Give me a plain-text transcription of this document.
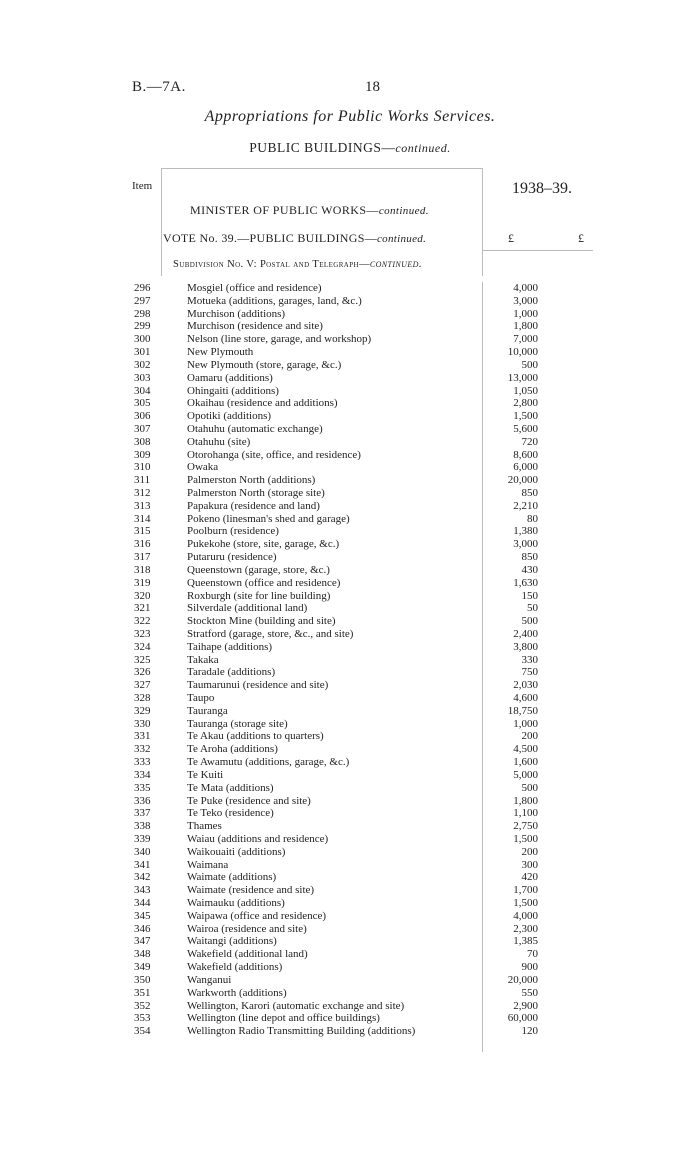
B.—7A.	18
Appropriations for Public Works Services.
PUBLIC BUILDINGS—continued.
Item	1938–39.
MINISTER OF PUBLIC WORKS—continued.
VOTE No. 39.—PUBLIC BUILDINGS—continued.	£	£
Subdivision No. V: Postal and Telegraph—continued.
296	Mosgiel (office and residence)	4,000
297	Motueka (additions, garages, land, &c.)	3,000
298	Murchison (additions)	1,000
299	Murchison (residence and site)	1,800
300	Nelson (line store, garage, and workshop)	7,000
301	New Plymouth	10,000
302	New Plymouth (store, garage, &c.)	500
303	Oamaru (additions)	13,000
304	Ohingaiti (additions)	1,050
305	Okaihau (residence and additions)	2,800
306	Opotiki (additions)	1,500
307	Otahuhu (automatic exchange)	5,600
308	Otahuhu (site)	720
309	Otorohanga (site, office, and residence)	8,600
310	Owaka	6,000
311	Palmerston North (additions)	20,000
312	Palmerston North (storage site)	850
313	Papakura (residence and land)	2,210
314	Pokeno (linesman's shed and garage)	80
315	Poolburn (residence)	1,380
316	Pukekohe (store, site, garage, &c.)	3,000
317	Putaruru (residence)	850
318	Queenstown (garage, store, &c.)	430
319	Queenstown (office and residence)	1,630
320	Roxburgh (site for line building)	150
321	Silverdale (additional land)	50
322	Stockton Mine (building and site)	500
323	Stratford (garage, store, &c., and site)	2,400
324	Taihape (additions)	3,800
325	Takaka	330
326	Taradale (additions)	750
327	Taumarunui (residence and site)	2,030
328	Taupo	4,600
329	Tauranga	18,750
330	Tauranga (storage site)	1,000
331	Te Akau (additions to quarters)	200
332	Te Aroha (additions)	4,500
333	Te Awamutu (additions, garage, &c.)	1,600
334	Te Kuiti	5,000
335	Te Mata (additions)	500
336	Te Puke (residence and site)	1,800
337	Te Teko (residence)	1,100
338	Thames	2,750
339	Waiau (additions and residence)	1,500
340	Waikouaiti (additions)	200
341	Waimana	300
342	Waimate (additions)	420
343	Waimate (residence and site)	1,700
344	Waimauku (additions)	1,500
345	Waipawa (office and residence)	4,000
346	Wairoa (residence and site)	2,300
347	Waitangi (additions)	1,385
348	Wakefield (additional land)	70
349	Wakefield (additions)	900
350	Wanganui	20,000
351	Warkworth (additions)	550
352	Wellington, Karori (automatic exchange and site)	2,900
353	Wellington (line depot and office buildings)	60,000
354	Wellington Radio Transmitting Building (additions)	120
